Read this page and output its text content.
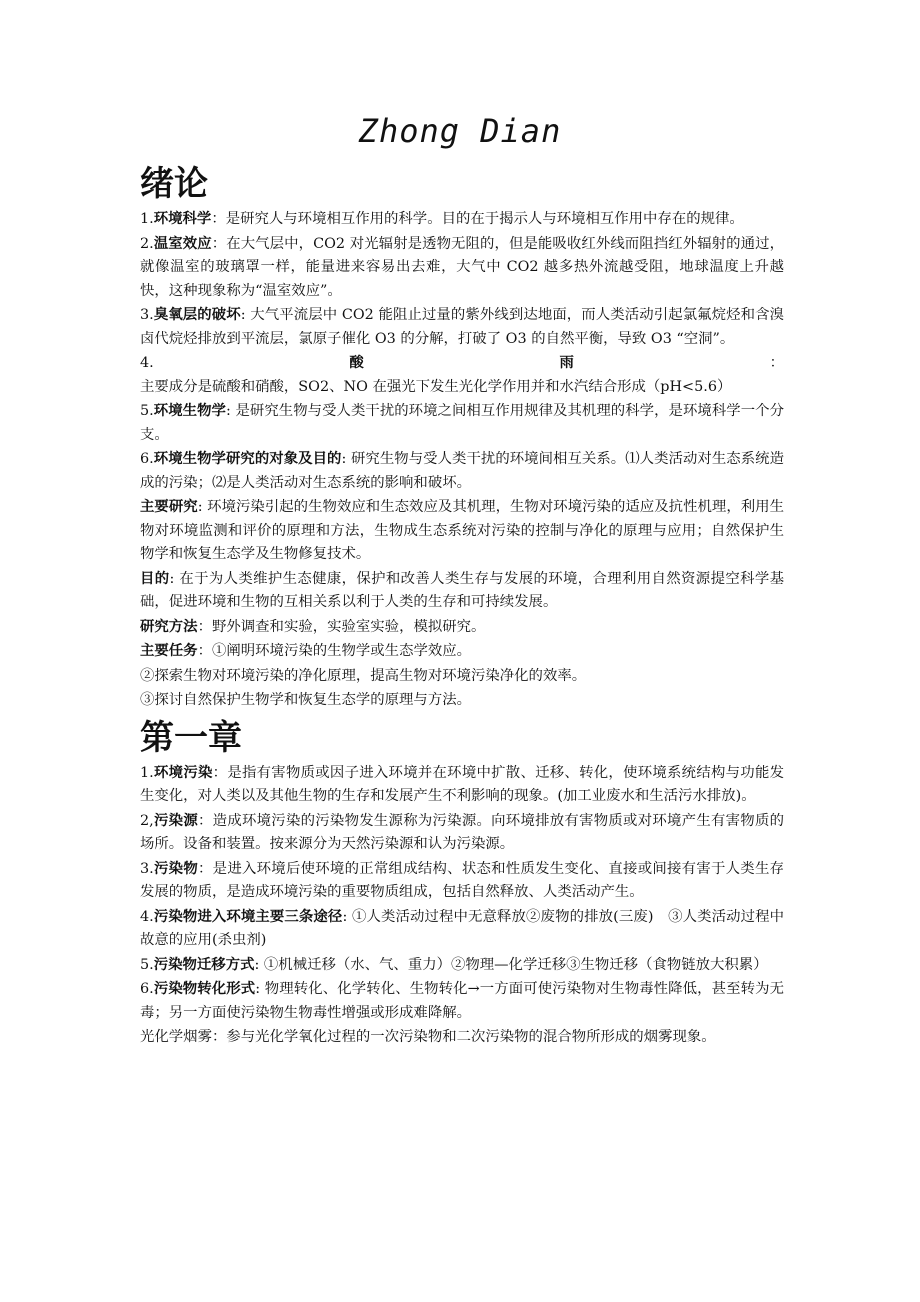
Zhong Dian
绪论
1.环境科学：是研究人与环境相互作用的科学。目的在于揭示人与环境相互作用中存在的规律。
2.温室效应：在大气层中，CO2 对光辐射是透物无阻的，但是能吸收红外线而阻挡红外辐射的通过，就像温室的玻璃罩一样，能量进来容易出去难，大气中 CO2 越多热外流越受阻，地球温度上升越快，这种现象称为“温室效应”。
3.臭氧层的破坏: 大气平流层中 CO2 能阻止过量的紫外线到达地面，而人类活动引起氯氟烷烃和含溴卤代烷烃排放到平流层，氯原子催化 O3 的分解，打破了 O3 的自然平衡，导致 O3 “空洞”。
4.酸雨：主要成分是硫酸和硝酸，SO2、NO 在强光下发生光化学作用并和水汽结合形成（pH<5.6）
5.环境生物学: 是研究生物与受人类干扰的环境之间相互作用规律及其机理的科学，是环境科学一个分支。
6.环境生物学研究的对象及目的: 研究生物与受人类干扰的环境间相互关系。⑴人类活动对生态系统造成的污染；⑵是人类活动对生态系统的影响和破坏。
主要研究: 环境污染引起的生物效应和生态效应及其机理，生物对环境污染的适应及抗性机理，利用生物对环境监测和评价的原理和方法，生物成生态系统对污染的控制与净化的原理与应用；自然保护生物学和恢复生态学及生物修复技术。
目的: 在于为人类维护生态健康，保护和改善人类生存与发展的环境，合理利用自然资源提空科学基础，促进环境和生物的互相关系以利于人类的生存和可持续发展。
研究方法：野外调查和实验，实验室实验，模拟研究。
主要任务：①阐明环境污染的生物学或生态学效应。
②探索生物对环境污染的净化原理，提高生物对环境污染净化的效率。
③探讨自然保护生物学和恢复生态学的原理与方法。
第一章
1.环境污染：是指有害物质或因子进入环境并在环境中扩散、迁移、转化，使环境系统结构与功能发生变化，对人类以及其他生物的生存和发展产生不利影响的现象。(加工业废水和生活污水排放)。
2,污染源：造成环境污染的污染物发生源称为污染源。向环境排放有害物质或对环境产生有害物质的场所。设备和装置。按来源分为天然污染源和认为污染源。
3.污染物：是进入环境后使环境的正常组成结构、状态和性质发生变化、直接或间接有害于人类生存发展的物质，是造成环境污染的重要物质组成，包括自然释放、人类活动产生。
4.污染物进入环境主要三条途径: ①人类活动过程中无意释放②废物的排放(三废)　③人类活动过程中故意的应用(杀虫剂)
5.污染物迁移方式: ①机械迁移（水、气、重力）②物理—化学迁移③生物迁移（食物链放大积累）
6.污染物转化形式: 物理转化、化学转化、生物转化→一方面可使污染物对生物毒性降低，甚至转为无毒；另一方面使污染物生物毒性增强或形成难降解。
光化学烟雾：参与光化学氧化过程的一次污染物和二次污染物的混合物所形成的烟雾现象。
